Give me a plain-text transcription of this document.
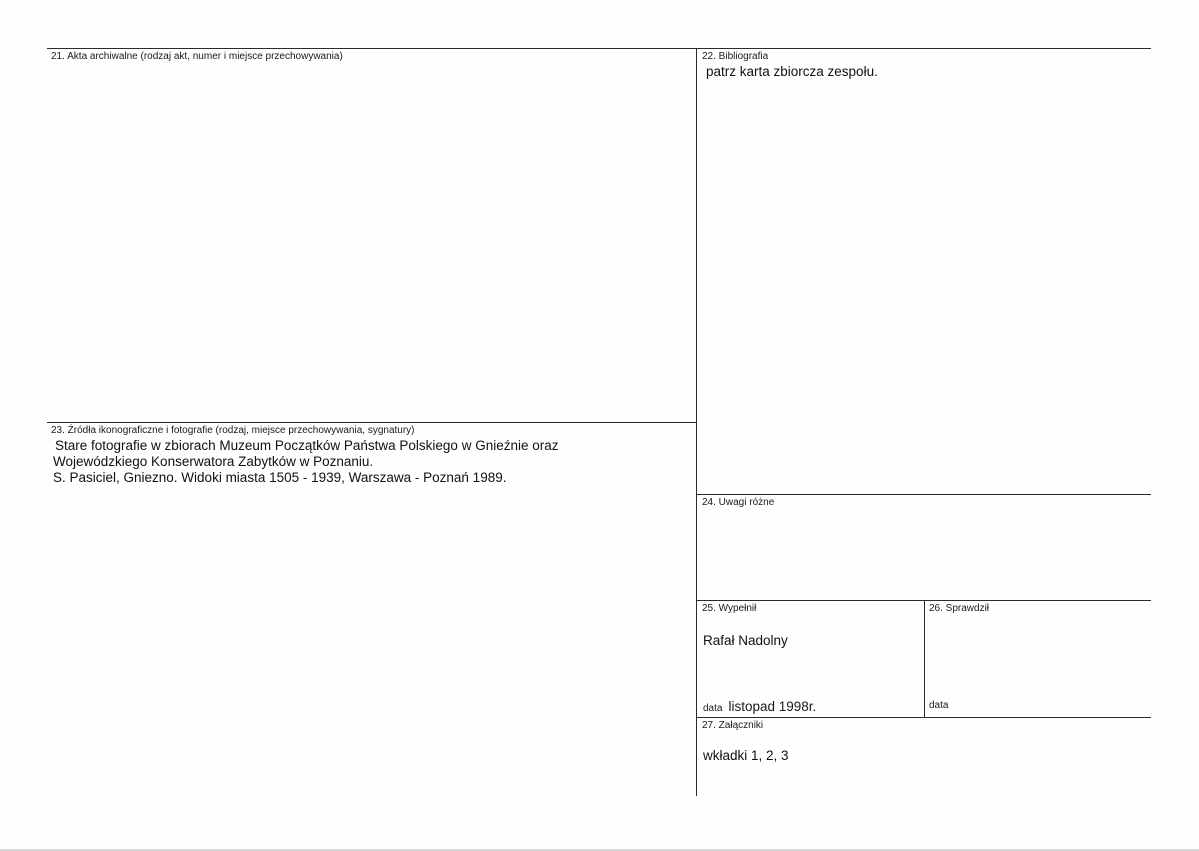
21. Akta archiwalne (rodzaj akt, numer i miejsce przechowywania)	22. Bibliografia
patrz karta zbiorcza zespołu.
23. Źródła ikonograficzne i fotografie (rodzaj, miejsce przechowywania, sygnatury)
Stare fotografie w zbiorach Muzeum Początków Państwa Polskiego w Gnieźnie oraz
Wojewódzkiego Konserwatora Zabytków w Poznaniu.
S. Pasiciel, Gniezno. Widoki miasta 1505 - 1939, Warszawa - Poznań 1989.
24. Uwagi różne
25. Wypełnił
Rafał Nadolny
data listopad 1998r.
26. Sprawdził
data
27. Załączniki
wkładki 1, 2, 3
